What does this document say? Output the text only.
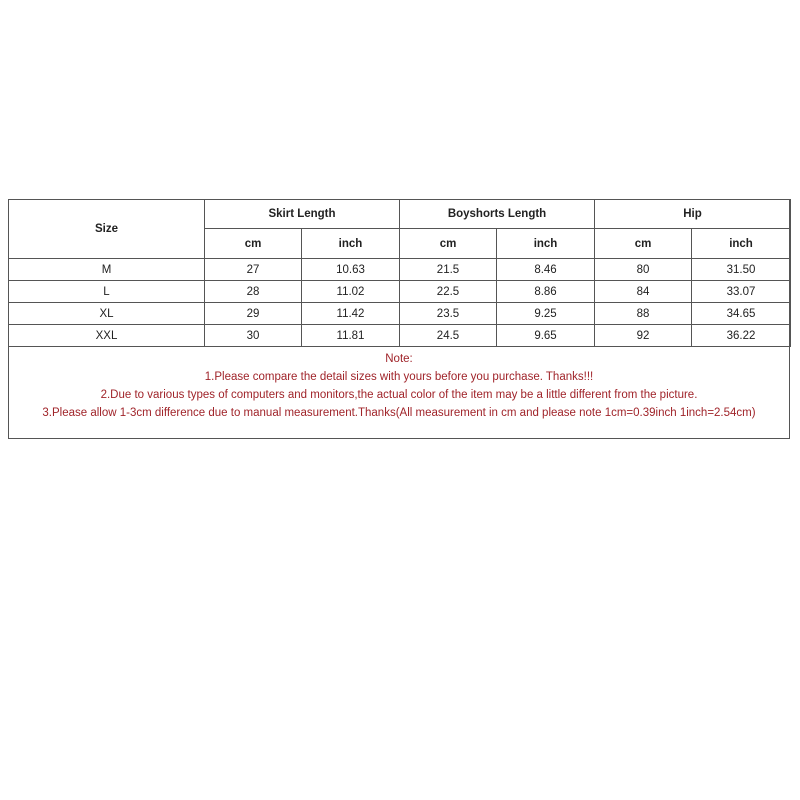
Size	Skirt Length		Boyshorts Length		Hip	
	cm	inch	cm	inch	cm	inch
M	27	10.63	21.5	8.46	80	31.50
L	28	11.02	22.5	8.86	84	33.07
XL	29	11.42	23.5	9.25	88	34.65
XXL	30	11.81	24.5	9.65	92	36.22
Note:
1.Please compare the detail sizes with yours before you purchase. Thanks!!!
2.Due to various types of computers and monitors,the actual color of the item may be a little different from the picture.
3.Please allow 1-3cm difference due to manual measurement.Thanks(All measurement in cm and please note 1cm=0.39inch 1inch=2.54cm)
